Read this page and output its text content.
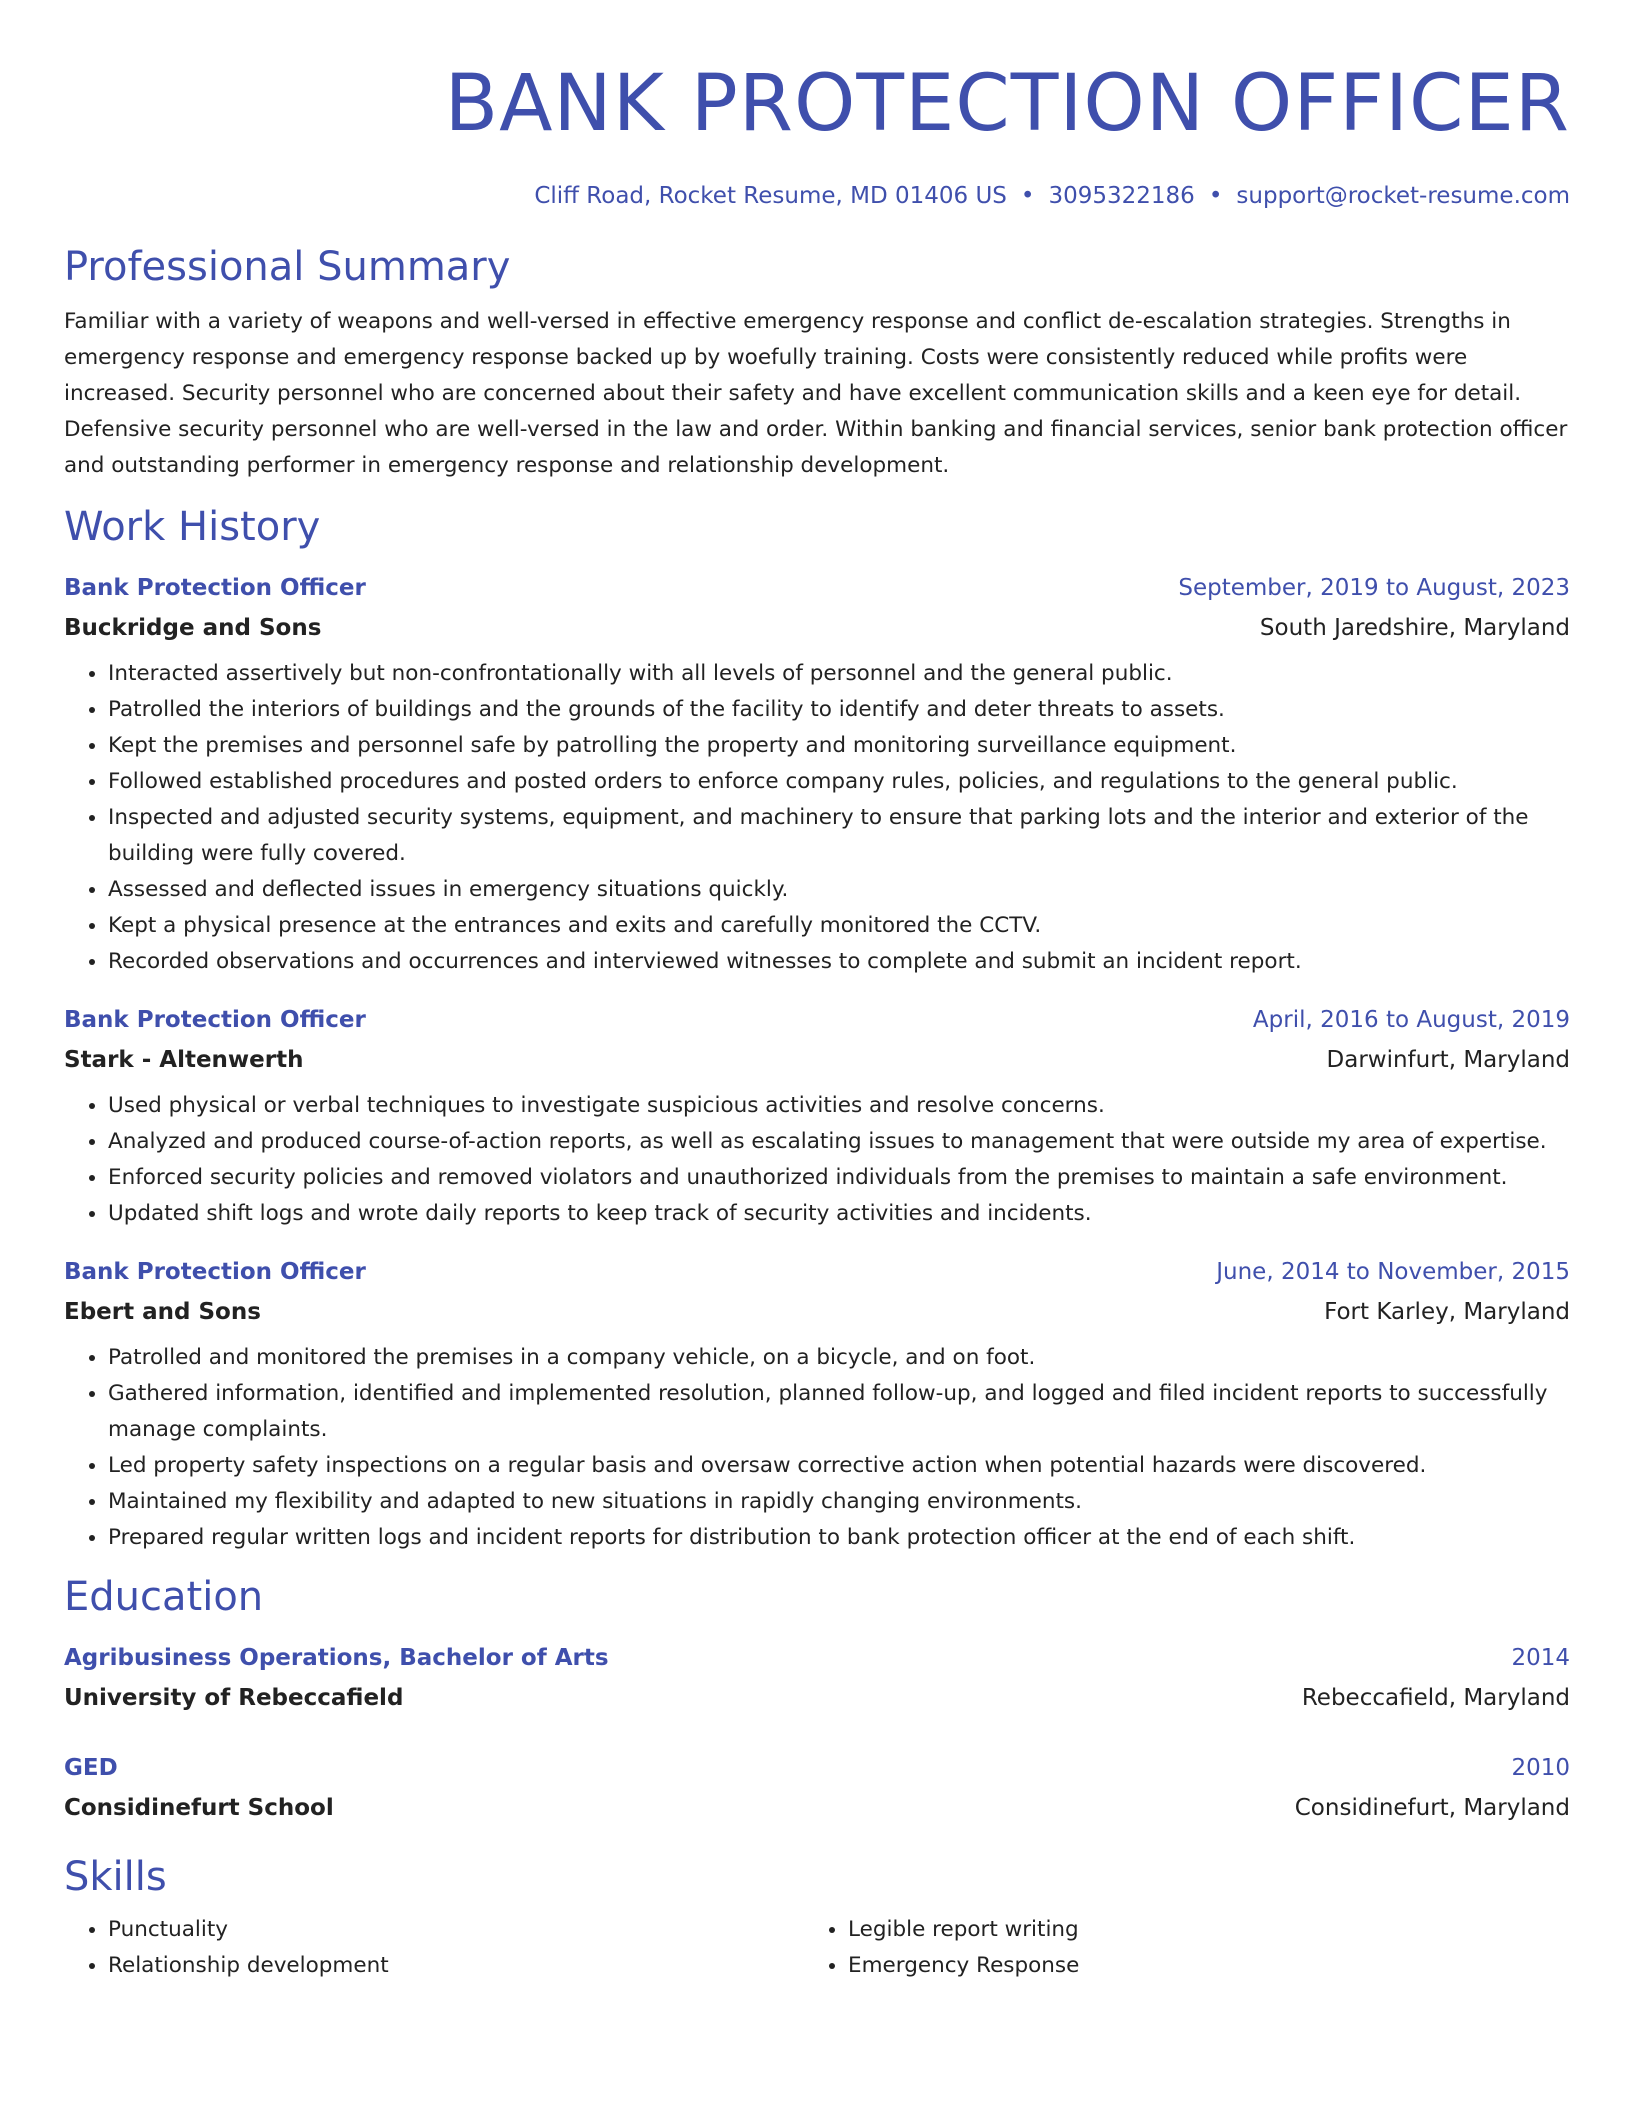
BANK PROTECTION OFFICER
Cliff Road, Rocket Resume, MD 01406 US • 3095322186 • support@rocket-resume.com
Professional Summary

Familiar with a variety of weapons and well-versed in effective emergency response and conflict de-escalation strategies. Strengths in emergency response and emergency response backed up by woefully training. Costs were consistently reduced while profits were increased. Security personnel who are concerned about their safety and have excellent communication skills and a keen eye for detail. Defensive security personnel who are well-versed in the law and order. Within banking and financial services, senior bank protection officer and outstanding performer in emergency response and relationship development.

Work History
Bank Protection Officer	September, 2019 to August, 2023
Buckridge and Sons	South Jaredshire, Maryland
• Interacted assertively but non-confrontationally with all levels of personnel and the general public.
• Patrolled the interiors of buildings and the grounds of the facility to identify and deter threats to assets.
• Kept the premises and personnel safe by patrolling the property and monitoring surveillance equipment.
• Followed established procedures and posted orders to enforce company rules, policies, and regulations to the general public.
• Inspected and adjusted security systems, equipment, and machinery to ensure that parking lots and the interior and exterior of the building were fully covered.
• Assessed and deflected issues in emergency situations quickly.
• Kept a physical presence at the entrances and exits and carefully monitored the CCTV.
• Recorded observations and occurrences and interviewed witnesses to complete and submit an incident report.
Bank Protection Officer	April, 2016 to August, 2019
Stark - Altenwerth	Darwinfurt, Maryland
• Used physical or verbal techniques to investigate suspicious activities and resolve concerns.
• Analyzed and produced course-of-action reports, as well as escalating issues to management that were outside my area of expertise.
• Enforced security policies and removed violators and unauthorized individuals from the premises to maintain a safe environment.
• Updated shift logs and wrote daily reports to keep track of security activities and incidents.
Bank Protection Officer	June, 2014 to November, 2015
Ebert and Sons	Fort Karley, Maryland
• Patrolled and monitored the premises in a company vehicle, on a bicycle, and on foot.
• Gathered information, identified and implemented resolution, planned follow-up, and logged and filed incident reports to successfully manage complaints.
• Led property safety inspections on a regular basis and oversaw corrective action when potential hazards were discovered.
• Maintained my flexibility and adapted to new situations in rapidly changing environments.
• Prepared regular written logs and incident reports for distribution to bank protection officer at the end of each shift.
Education
Agribusiness Operations, Bachelor of Arts	2014
University of Rebeccafield	Rebeccafield, Maryland
GED	2010
Considinefurt School	Considinefurt, Maryland
Skills
• Punctuality
• Relationship development
• Legible report writing
• Emergency Response
